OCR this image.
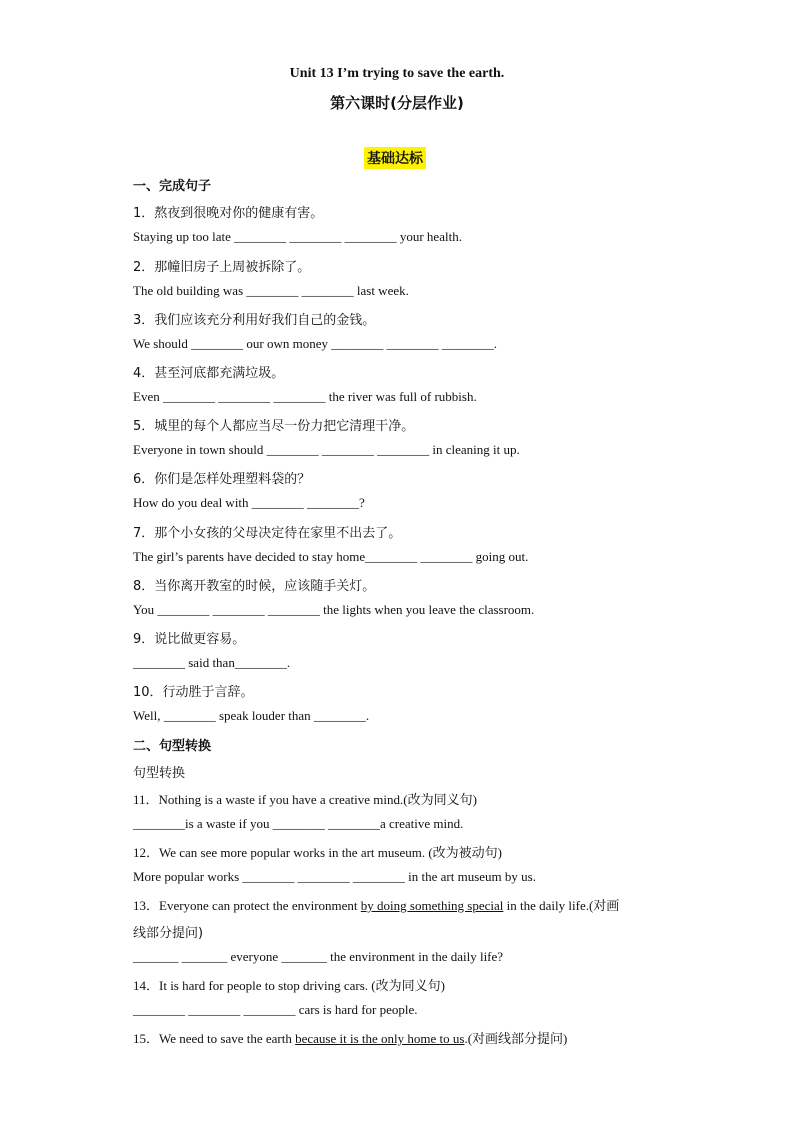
Unit 13 I’m trying to save the earth.
第六课时(分层作业)
基础达标
一、完成句子
1．熬夜到很晚对你的健康有害。
Staying up too late ________ ________ ________ your health.
2．那幢旧房子上周被拆除了。
The old building was ________ ________ last week.
3．我们应该充分利用好我们自己的金钱。
We should ________ our own money ________ ________ ________.
4．甚至河底都充满垃圾。
Even ________ ________ ________ the river was full of rubbish.
5．城里的每个人都应当尽一份力把它清理干净。
Everyone in town should ________ ________ ________ in cleaning it up.
6．你们是怎样处理塑料袋的？
How do you deal with ________ ________?
7．那个小女孩的父母决定待在家里不出去了。
The girl’s parents have decided to stay home________ ________ going out.
8．当你离开教室的时候，应该随手关灯。
You ________ ________ ________ the lights when you leave the classroom.
9．说比做更容易。
________ said than________.
10．行动胜于言辞。
Well, ________ speak louder than ________.
二、句型转换
句型转换
11．Nothing is a waste if you have a creative mind.(改为同义句)
________is a waste if you ________ ________a creative mind.
12．We can see more popular works in the art museum. (改为被动句)
More popular works ________ ________ ________ in the art museum by us.
13．Everyone can protect the environment by doing something special in the daily life.(对画
线部分提问)
_______ _______ everyone _______ the environment in the daily life?
14．It is hard for people to stop driving cars. (改为同义句)
________ ________ ________ cars is hard for people.
15．We need to save the earth because it is the only home to us.(对画线部分提问)
